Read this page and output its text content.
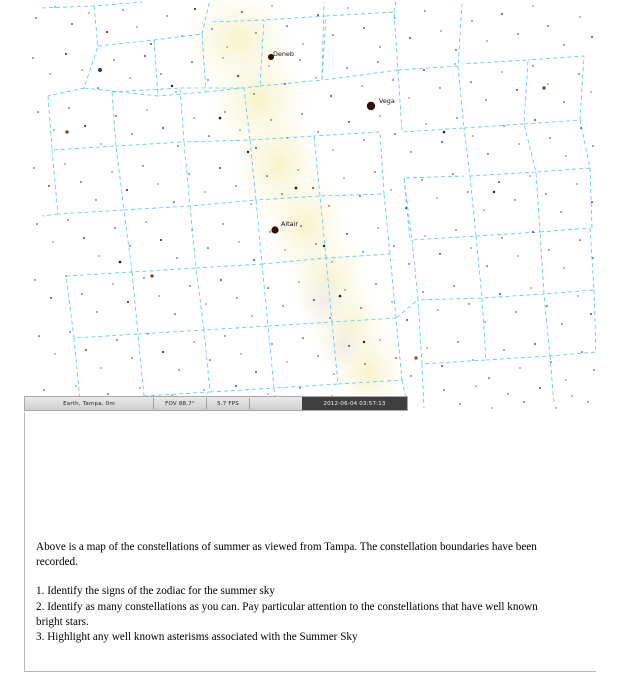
Deneb
Vega
Altair
Earth, Tampa, 0m	FOV 88.7°	5.7 FPS	2012-06-04 03:57:13

Above is a map of the constellations of summer as viewed from Tampa. The constellation boundaries have been recorded.

1. Identify the signs of the zodiac for the summer sky
2. Identify as many constellations as you can. Pay particular attention to the constellations that have well known bright stars.
3. Highlight any well known asterisms associated with the Summer Sky
